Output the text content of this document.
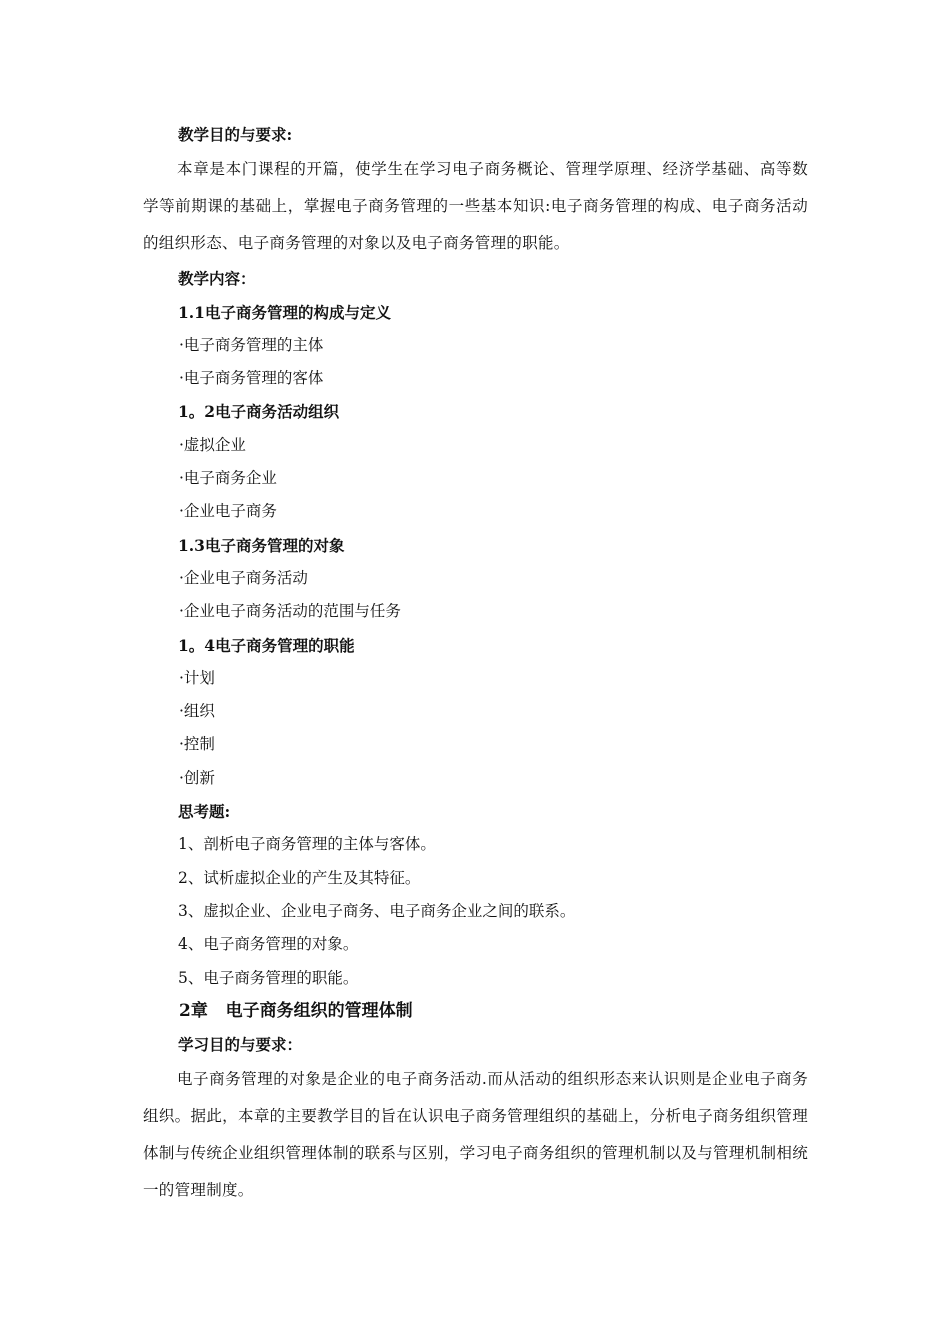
教学目的与要求:

本章是本门课程的开篇，使学生在学习电子商务概论、管理学原理、经济学基础、高等数学等前期课的基础上，掌握电子商务管理的一些基本知识:电子商务管理的构成、电子商务活动的组织形态、电子商务管理的对象以及电子商务管理的职能。

教学内容：
1.1电子商务管理的构成与定义
·电子商务管理的主体
·电子商务管理的客体
1。2电子商务活动组织
·虚拟企业
·电子商务企业
·企业电子商务
1.3电子商务管理的对象
·企业电子商务活动
·企业电子商务活动的范围与任务
1。4电子商务管理的职能
·计划
·组织
·控制
·创新
思考题:
1、剖析电子商务管理的主体与客体。
2、试析虚拟企业的产生及其特征。
3、虚拟企业、企业电子商务、电子商务企业之间的联系。
4、电子商务管理的对象。
5、电子商务管理的职能。
2章   电子商务组织的管理体制
学习目的与要求：

电子商务管理的对象是企业的电子商务活动.而从活动的组织形态来认识则是企业电子商务组织。据此，本章的主要教学目的旨在认识电子商务管理组织的基础上，分析电子商务组织管理体制与传统企业组织管理体制的联系与区别，学习电子商务组织的管理机制以及与管理机制相统一的管理制度。
